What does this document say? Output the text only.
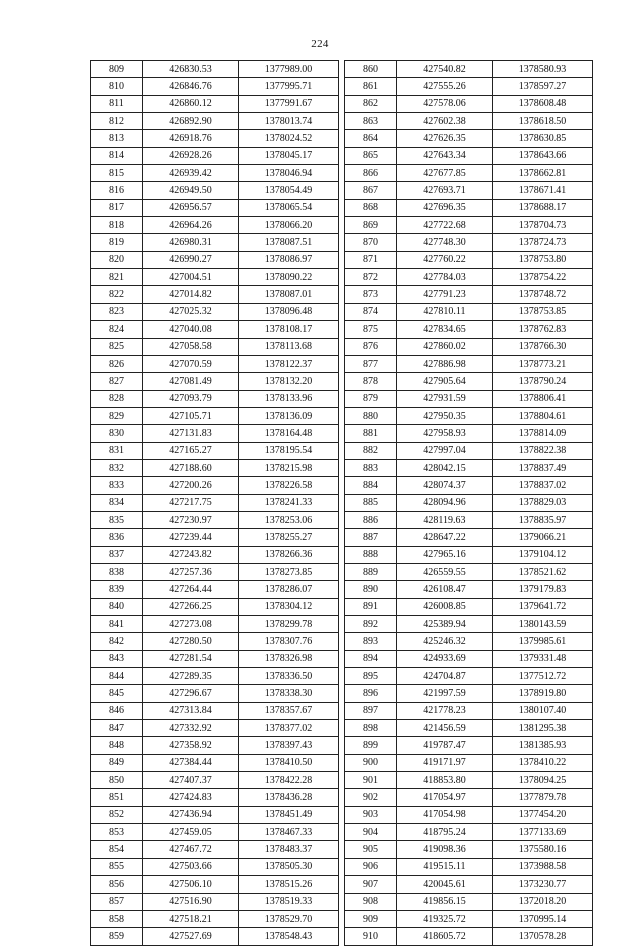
224
809	426830.53	1377989.00
810	426846.76	1377995.71
811	426860.12	1377991.67
812	426892.90	1378013.74
813	426918.76	1378024.52
814	426928.26	1378045.17
815	426939.42	1378046.94
816	426949.50	1378054.49
817	426956.57	1378065.54
818	426964.26	1378066.20
819	426980.31	1378087.51
820	426990.27	1378086.97
821	427004.51	1378090.22
822	427014.82	1378087.01
823	427025.32	1378096.48
824	427040.08	1378108.17
825	427058.58	1378113.68
826	427070.59	1378122.37
827	427081.49	1378132.20
828	427093.79	1378133.96
829	427105.71	1378136.09
830	427131.83	1378164.48
831	427165.27	1378195.54
832	427188.60	1378215.98
833	427200.26	1378226.58
834	427217.75	1378241.33
835	427230.97	1378253.06
836	427239.44	1378255.27
837	427243.82	1378266.36
838	427257.36	1378273.85
839	427264.44	1378286.07
840	427266.25	1378304.12
841	427273.08	1378299.78
842	427280.50	1378307.76
843	427281.54	1378326.98
844	427289.35	1378336.50
845	427296.67	1378338.30
846	427313.84	1378357.67
847	427332.92	1378377.02
848	427358.92	1378397.43
849	427384.44	1378410.50
850	427407.37	1378422.28
851	427424.83	1378436.28
852	427436.94	1378451.49
853	427459.05	1378467.33
854	427467.72	1378483.37
855	427503.66	1378505.30
856	427506.10	1378515.26
857	427516.90	1378519.33
858	427518.21	1378529.70
859	427527.69	1378548.43
860	427540.82	1378580.93
861	427555.26	1378597.27
862	427578.06	1378608.48
863	427602.38	1378618.50
864	427626.35	1378630.85
865	427643.34	1378643.66
866	427677.85	1378662.81
867	427693.71	1378671.41
868	427696.35	1378688.17
869	427722.68	1378704.73
870	427748.30	1378724.73
871	427760.22	1378753.80
872	427784.03	1378754.22
873	427791.23	1378748.72
874	427810.11	1378753.85
875	427834.65	1378762.83
876	427860.02	1378766.30
877	427886.98	1378773.21
878	427905.64	1378790.24
879	427931.59	1378806.41
880	427950.35	1378804.61
881	427958.93	1378814.09
882	427997.04	1378822.38
883	428042.15	1378837.49
884	428074.37	1378837.02
885	428094.96	1378829.03
886	428119.63	1378835.97
887	428647.22	1379066.21
888	427965.16	1379104.12
889	426559.55	1378521.62
890	426108.47	1379179.83
891	426008.85	1379641.72
892	425389.94	1380143.59
893	425246.32	1379985.61
894	424933.69	1379331.48
895	424704.87	1377512.72
896	421997.59	1378919.80
897	421778.23	1380107.40
898	421456.59	1381295.38
899	419787.47	1381385.93
900	419171.97	1378410.22
901	418853.80	1378094.25
902	417054.97	1377879.78
903	417054.98	1377454.20
904	418795.24	1377133.69
905	419098.36	1375580.16
906	419515.11	1373988.58
907	420045.61	1373230.77
908	419856.15	1372018.20
909	419325.72	1370995.14
910	418605.72	1370578.28
